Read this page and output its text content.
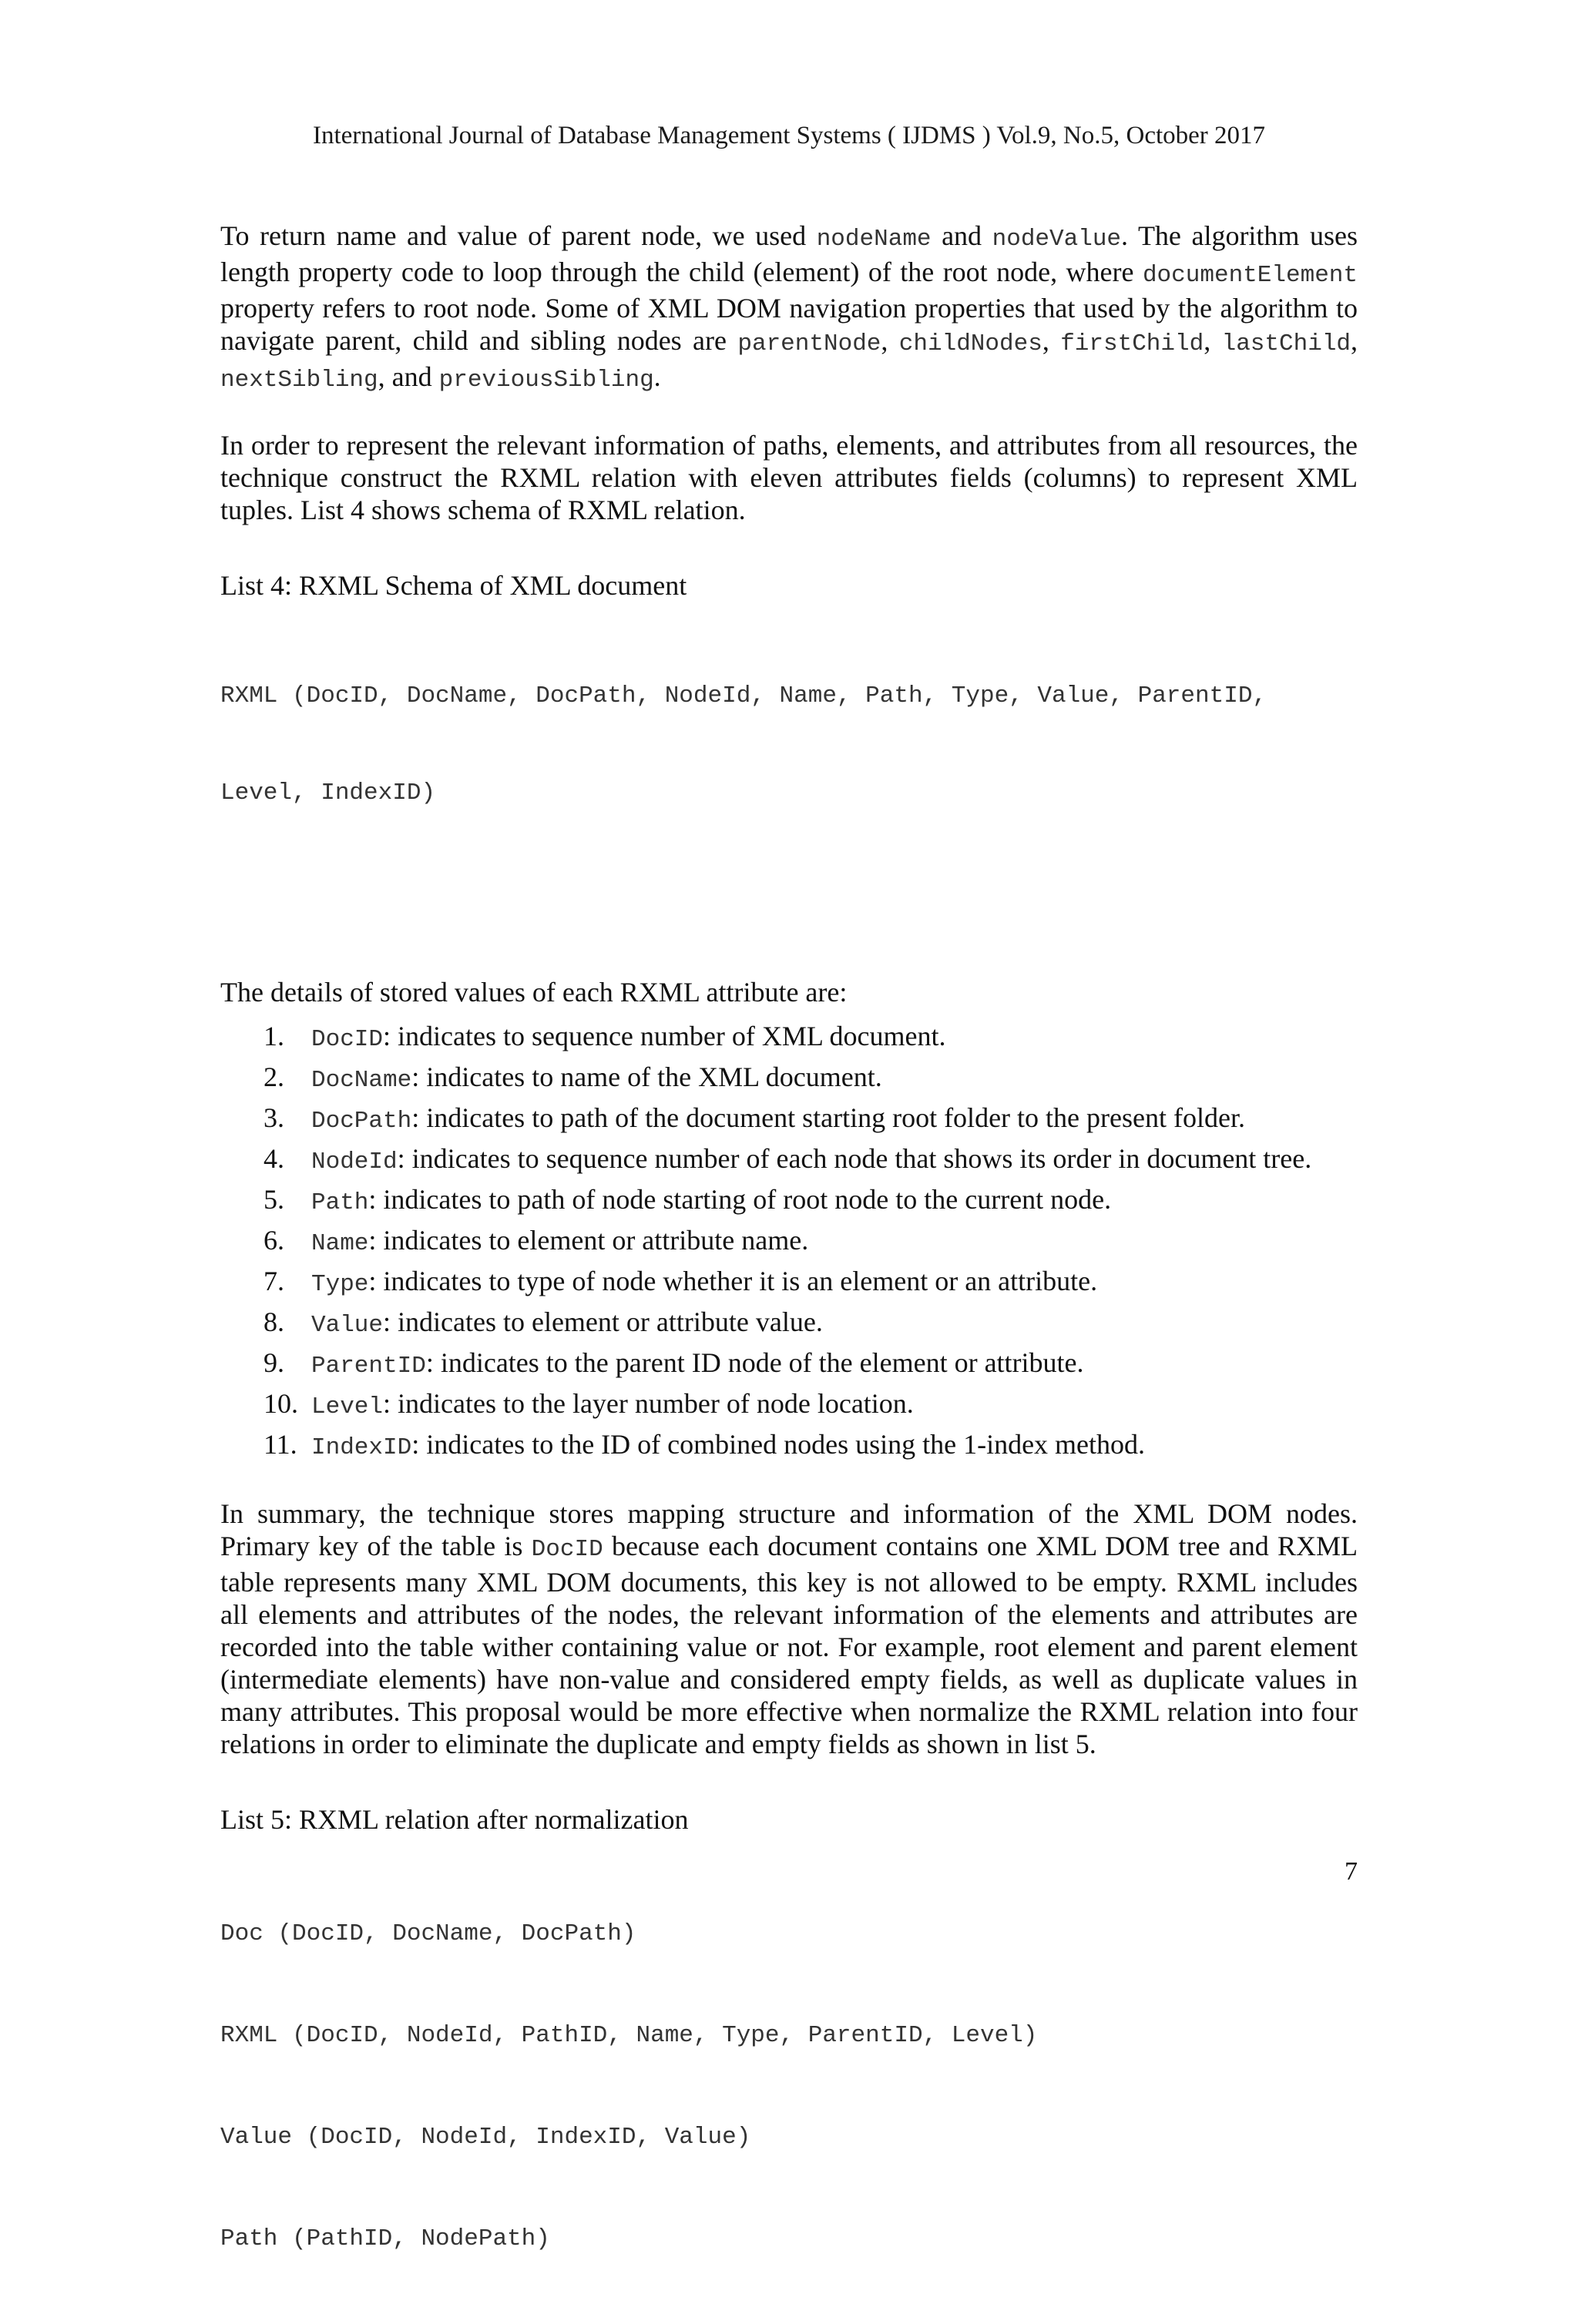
International Journal of Database Management Systems ( IJDMS ) Vol.9, No.5, October 2017
To return name and value of parent node, we used nodeName and nodeValue. The algorithm uses
length property code to loop through the child (element) of the root node, where documentElement
property refers to root node. Some of XML DOM navigation properties that used by the algorithm to
navigate parent, child and sibling nodes are parentNode, childNodes, firstChild, lastChild,
nextSibling, and previousSibling.
In order to represent the relevant information of paths, elements, and attributes from all resources, the
technique construct the RXML relation with eleven attributes fields (columns) to represent XML
tuples. List 4 shows schema of RXML relation.
List 4: RXML Schema of XML document

RXML (DocID, DocName, DocPath, NodeId, Name, Path, Type, Value, ParentID,

Level, IndexID)

The details of stored values of each RXML attribute are:
1. DocID: indicates to sequence number of XML document.
2. DocName: indicates to name of the XML document.
3. DocPath: indicates to path of the document starting root folder to the present folder.
4. NodeId: indicates to sequence number of each node that shows its order in document tree.
5. Path: indicates to path of node starting of root node to the current node.
6. Name: indicates to element or attribute name.
7. Type: indicates to type of node whether it is an element or an attribute.
8. Value: indicates to element or attribute value.
9. ParentID: indicates to the parent ID node of the element or attribute.
10. Level: indicates to the layer number of node location.
11. IndexID: indicates to the ID of combined nodes using the 1-index method.
In summary, the technique stores mapping structure and information of the XML DOM nodes.
Primary key of the table is DocID because each document contains one XML DOM tree and RXML
table represents many XML DOM documents, this key is not allowed to be empty. RXML includes
all elements and attributes of the nodes, the relevant information of the elements and attributes are
recorded into the table wither containing value or not. For example, root element and parent element
(intermediate elements) have non-value and considered empty fields, as well as duplicate values in
many attributes. This proposal would be more effective when normalize the RXML relation into four
relations in order to eliminate the duplicate and empty fields as shown in list 5.
List 5: RXML relation after normalization

Doc (DocID, DocName, DocPath)

RXML (DocID, NodeId, PathID, Name, Type, ParentID, Level)

Value (DocID, NodeId, IndexID, Value)

Path (PathID, NodePath)

7
